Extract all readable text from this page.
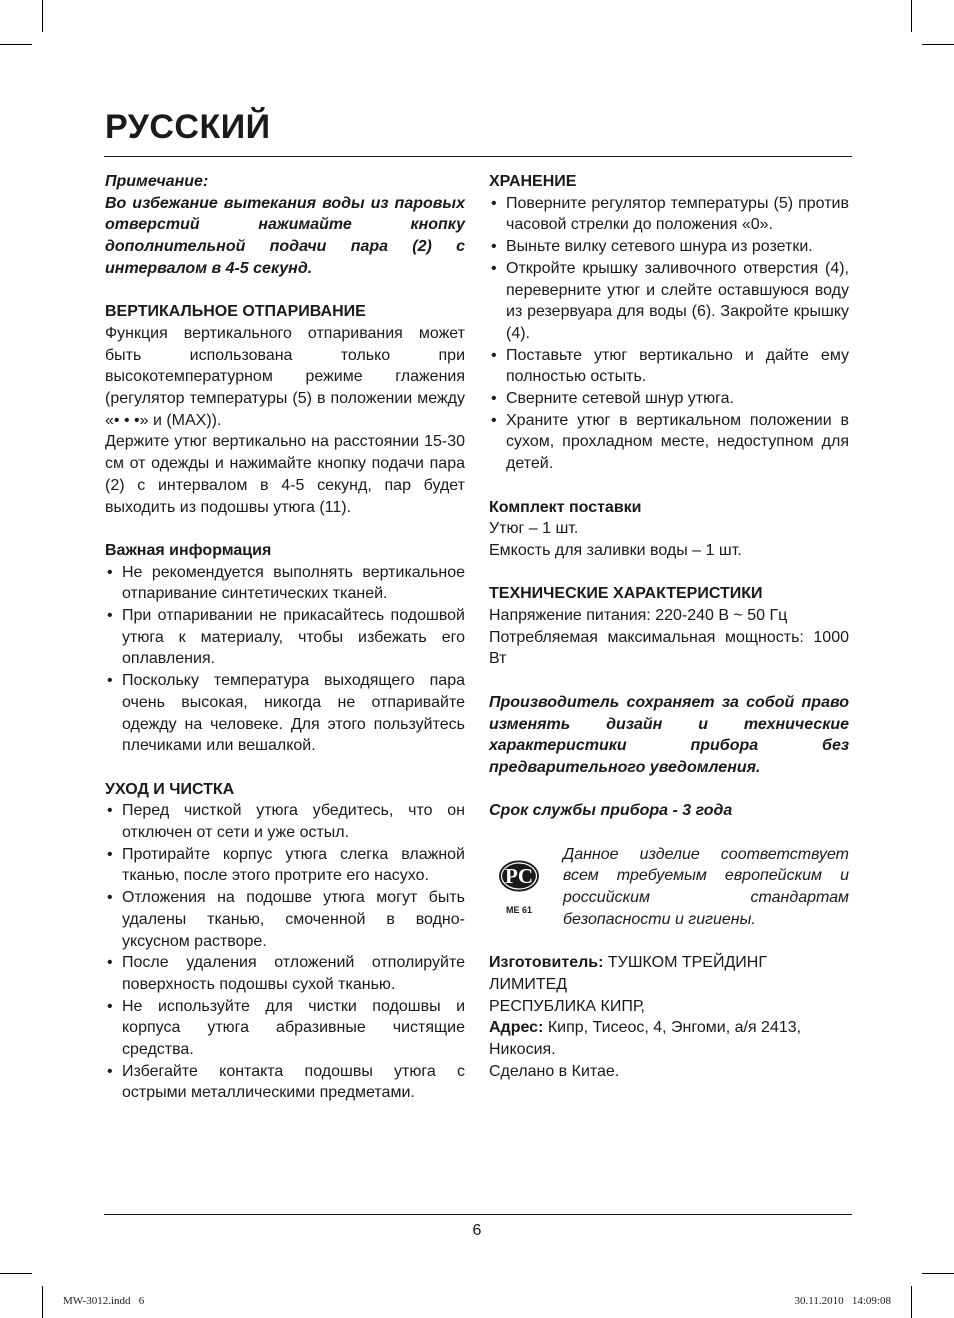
РУССКИЙ

Примечание:

Во избежание вытекания воды из паровых отверстий нажимайте кнопку дополнительной подачи пара (2) с интервалом в 4-5 секунд.

ВЕРТИКАЛЬНОЕ ОТПАРИВАНИЕ

Функция вертикального отпаривания может быть использована только при высокотемпературном режиме глажения (регулятор температуры (5) в положении между «• • •» и (MAX)).

Держите утюг вертикально на расстоянии 15-30 см от одежды и нажимайте кнопку подачи пара (2) с интервалом в 4-5 секунд, пар будет выходить из подошвы утюга (11).

Важная информация

• Не рекомендуется выполнять вертикальное отпаривание синтетических тканей.
• При отпаривании не прикасайтесь подошвой утюга к материалу, чтобы избежать его оплавления.
• Поскольку температура выходящего пара очень высокая, никогда не отпаривайте одежду на человеке. Для этого пользуйтесь плечиками или вешалкой.

УХОД И ЧИСТКА

• Перед чисткой утюга убедитесь, что он отключен от сети и уже остыл.
• Протирайте корпус утюга слегка влажной тканью, после этого протрите его насухо.
• Отложения на подошве утюга могут быть удалены тканью, смоченной в водно-уксусном растворе.
• После удаления отложений отполируйте поверхность подошвы сухой тканью.
• Не используйте для чистки подошвы и корпуса утюга абразивные чистящие средства.
• Избегайте контакта подошвы утюга с острыми металлическими предметами.

ХРАНЕНИЕ

• Поверните регулятор температуры (5) против часовой стрелки до положения «0».
• Выньте вилку сетевого шнура из розетки.
• Откройте крышку заливочного отверстия (4), переверните утюг и слейте оставшуюся воду из резервуара для воды (6). Закройте крышку (4).
• Поставьте утюг вертикально и дайте ему полностью остыть.
• Сверните сетевой шнур утюга.
• Храните утюг в вертикальном положении в сухом, прохладном месте, недоступном для детей.

Комплект поставки

Утюг – 1 шт.

Емкость для заливки воды – 1 шт.

ТЕХНИЧЕСКИЕ ХАРАКТЕРИСТИКИ

Напряжение питания: 220-240 В ~ 50 Гц

Потребляемая максимальная мощность: 1000 Вт

Производитель сохраняет за собой право изменять дизайн и технические характеристики прибора без предварительного уведомления.

Срок службы прибора - 3 года

PC
МЕ 61

Данное изделие соответствует всем требуемым европейским и российским стандартам безопасности и гигиены.

Изготовитель: ТУШКОМ ТРЕЙДИНГ ЛИМИТЕД

РЕСПУБЛИКА КИПР,

Адрес: Кипр, Тисеос, 4, Энгоми, а/я 2413, Никосия.

Сделано в Китае.

6
MW-3012.indd   6	30.11.2010   14:09:08
